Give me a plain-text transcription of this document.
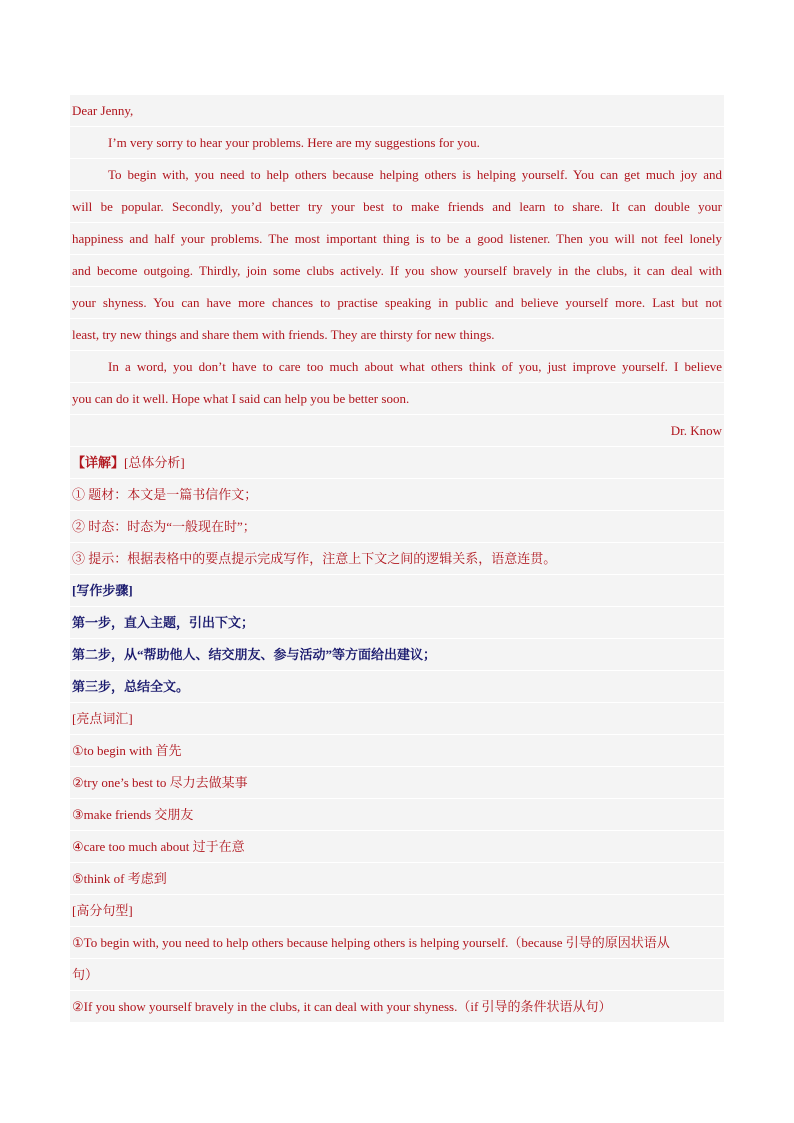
Dear Jenny,
I’m very sorry to hear your problems. Here are my suggestions for you.
To begin with, you need to help others because helping others is helping yourself. You can get much joy and
will be popular. Secondly, you’d better try your best to make friends and learn to share. It can double your
happiness and half your problems. The most important thing is to be a good listener. Then you will not feel lonely
and become outgoing. Thirdly, join some clubs actively. If you show yourself bravely in the clubs, it can deal with
your shyness. You can have more chances to practise speaking in public and believe yourself more. Last but not
least, try new things and share them with friends. They are thirsty for new things.
In a word, you don’t have to care too much about what others think of you, just improve yourself. I believe
you can do it well. Hope what I said can help you be better soon.
Dr. Know
【详解】[总体分析]
① 题材：本文是一篇书信作文；
② 时态：时态为“一般现在时”；
③ 提示：根据表格中的要点提示完成写作，注意上下文之间的逻辑关系，语意连贯。
[写作步骤]
第一步，直入主题，引出下文；
第二步，从“帮助他人、结交朋友、参与活动”等方面给出建议；
第三步，总结全文。
[亮点词汇]
①to begin with 首先
②try one’s best to 尽力去做某事
③make friends 交朋友
④care too much about 过于在意
⑤think of 考虑到
[高分句型]
①To begin with, you need to help others because helping others is helping yourself.（because 引导的原因状语从
句）
②If you show yourself bravely in the clubs, it can deal with your shyness.（if 引导的条件状语从句）
